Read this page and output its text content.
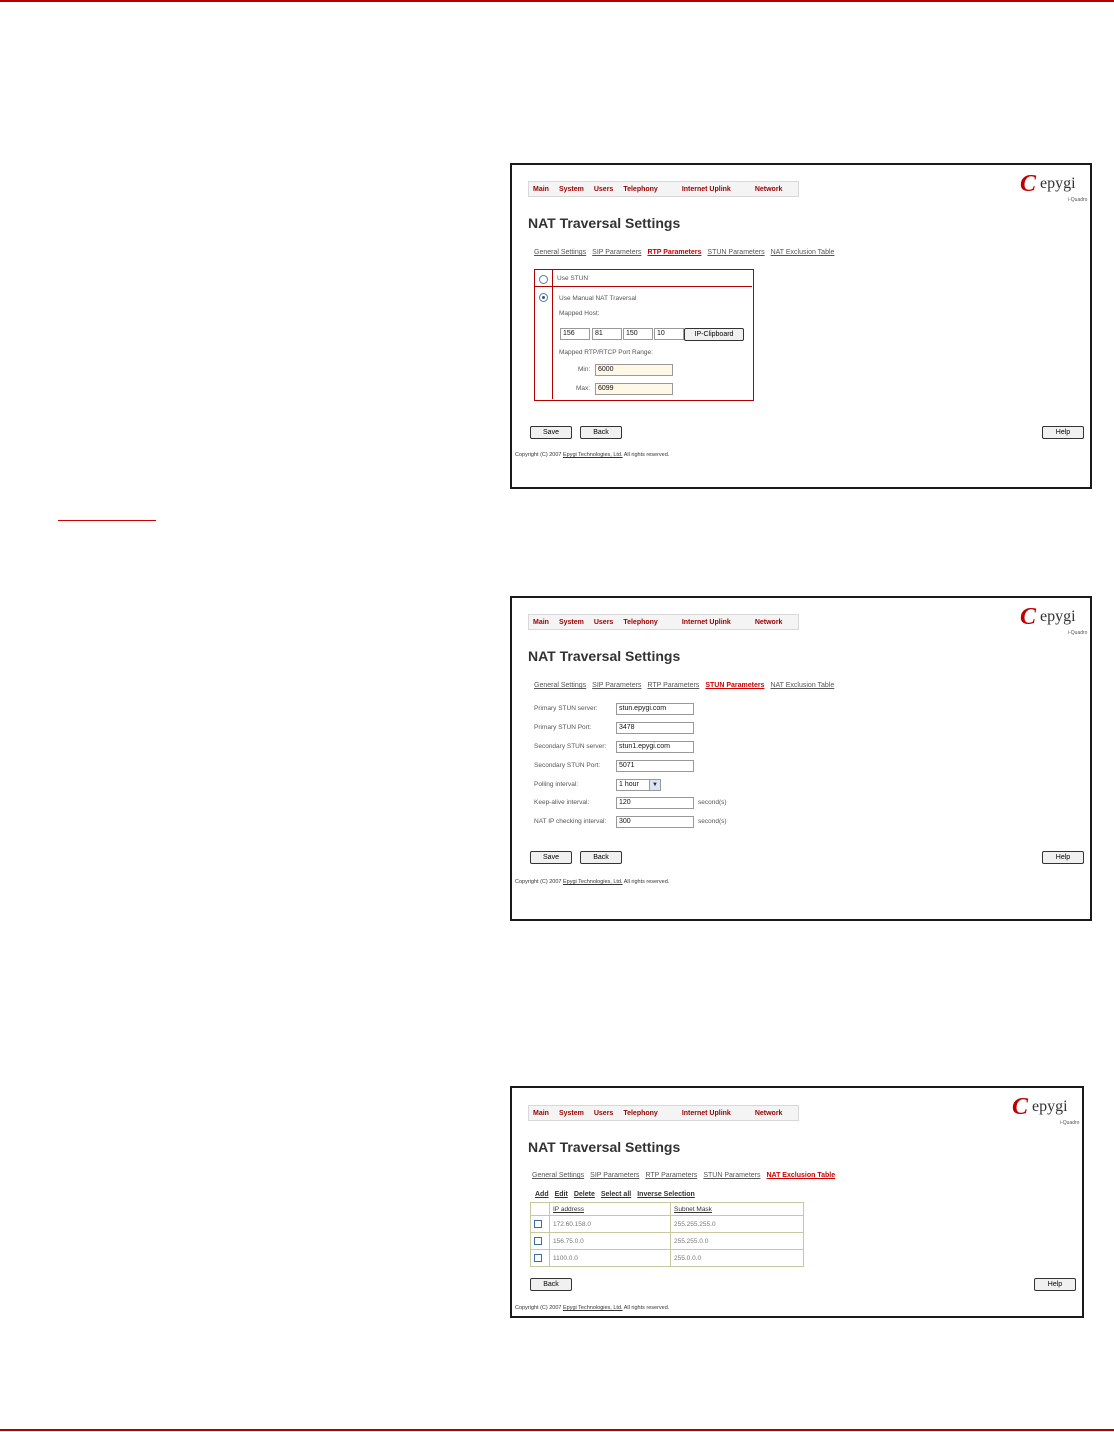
Main System Users Telephony	Internet Uplink	Network	C epygi
i-Quadro
NAT Traversal Settings
General Settings SIP Parameters RTP Parameters STUN Parameters NAT Exclusion Table
Use STUN
Use Manual NAT Traversal
Mapped Host:
156	81	150	10	IP-Clipboard
Mapped RTP/RTCP Port Range:
Min:	6000
Max:	6099
Save	Back	Help
Copyright (C) 2007 Epygi Technologies, Ltd. All rights reserved.
Main System Users Telephony	Internet Uplink	Network	C epygi
i-Quadro
NAT Traversal Settings
General Settings SIP Parameters RTP Parameters STUN Parameters NAT Exclusion Table
Primary STUN server:	stun.epygi.com
Primary STUN Port:	3478
Secondary STUN server:	stun1.epygi.com
Secondary STUN Port:	5071
Polling interval:	1 hour	▼
Keep-alive interval:	120	second(s)
NAT IP checking interval:	300	second(s)
Save	Back	Help
Copyright (C) 2007 Epygi Technologies, Ltd. All rights reserved.
Main System Users Telephony	Internet Uplink	Network	C epygi
i-Quadro
NAT Traversal Settings
General Settings SIP Parameters RTP Parameters STUN Parameters NAT Exclusion Table
Add Edit Delete Select all Inverse Selection
	IP address	Subnet Mask

	172.60.158.0	255.255.255.0

	156.75.0.0	255.255.0.0

	1100.0.0	255.0.0.0
Back	Help
Copyright (C) 2007 Epygi Technologies, Ltd. All rights reserved.
